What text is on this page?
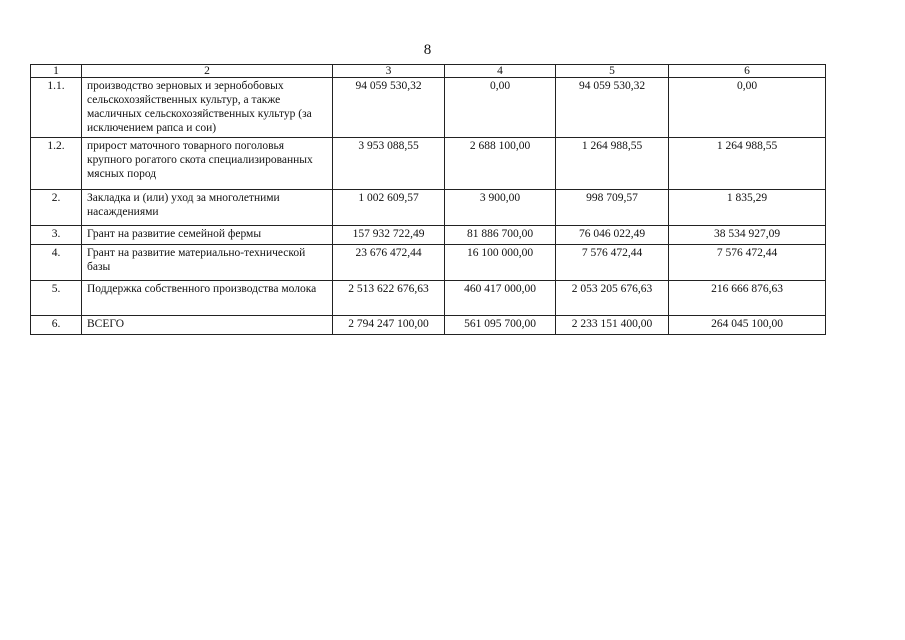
8
1	2	3	4	5	6
1.1.	производство зерновых и зернобобовых сельскохозяйственных культур, а также масличных сельскохозяйственных культур (за исключением рапса и сои)	94 059 530,32	0,00	94 059 530,32	0,00
1.2.	прирост маточного товарного поголовья крупного рогатого скота специализированных мясных пород	3 953 088,55	2 688 100,00	1 264 988,55	1 264 988,55
2.	Закладка и (или) уход за многолетними насаждениями	1 002 609,57	3 900,00	998 709,57	1 835,29
3.	Грант на развитие семейной фермы	157 932 722,49	81 886 700,00	76 046 022,49	38 534 927,09
4.	Грант на развитие материально-технической базы	23 676 472,44	16 100 000,00	7 576 472,44	7 576 472,44
5.	Поддержка собственного производства молока	2 513 622 676,63	460 417 000,00	2 053 205 676,63	216 666 876,63
6.	ВСЕГО	2 794 247 100,00	561 095 700,00	2 233 151 400,00	264 045 100,00
